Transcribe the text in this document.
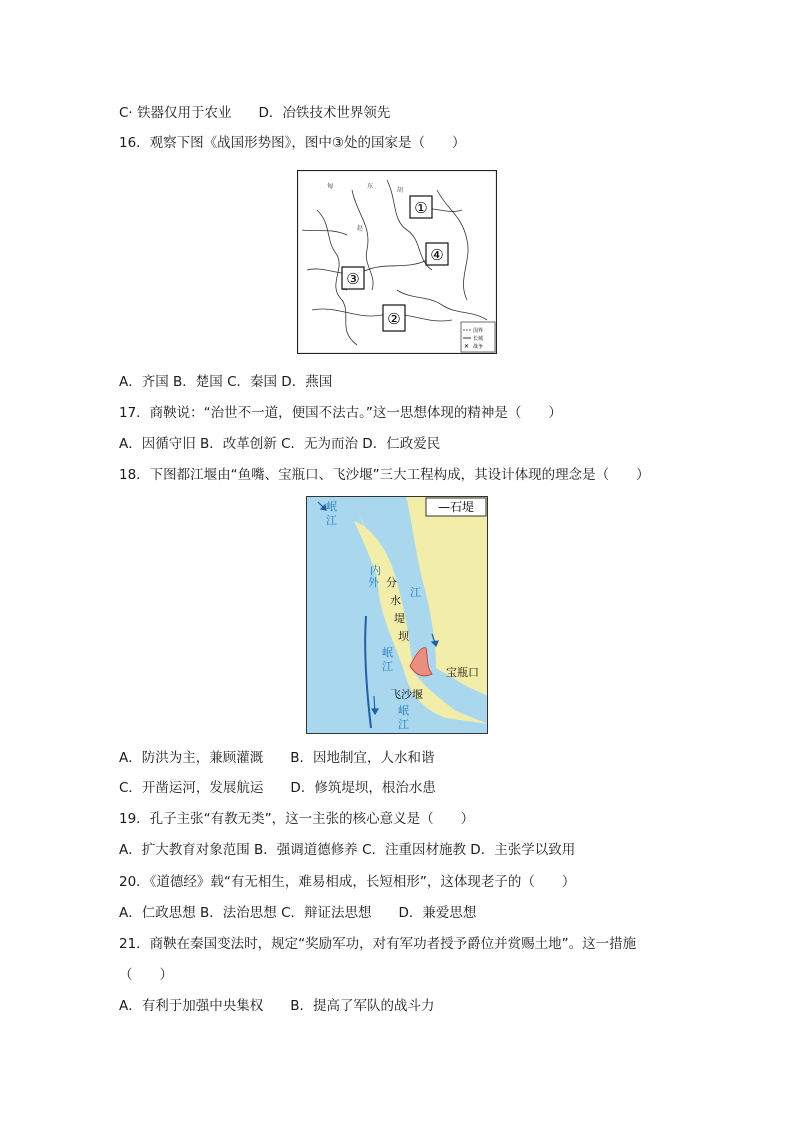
C· 铁器仅用于农业　　D．冶铁技术世界领先
16．观察下图《战国形势图》，图中③处的国家是（　　）
匈	东
胡
赵
①
④
③
②
国界
长城
✕ 战争
A．齐国 B．楚国 C．秦国 D．燕国
17．商鞅说：“治世不一道，便国不法古。”这一思想体现的精神是（　　）
A．因循守旧 B．改革创新 C．无为而治 D．仁政爱民
18．下图都江堰由“鱼嘴、宝瓶口、飞沙堰”三大工程构成，其设计体现的理念是（　　）
—石堤
岷江
内
江
外
岷江
岷江
分水堤坝
宝瓶口
飞沙堰
A．防洪为主，兼顾灌溉　　B．因地制宜，人水和谐
C．开凿运河，发展航运　　D．修筑堤坝，根治水患
19．孔子主张“有教无类”，这一主张的核心意义是（　　）
A．扩大教育对象范围 B．强调道德修养 C．注重因材施教 D．主张学以致用
20．《道德经》载“有无相生，难易相成，长短相形”，这体现老子的（　　）
A．仁政思想 B．法治思想 C．辩证法思想　　D．兼爱思想
21．商鞅在秦国变法时，规定“奖励军功，对有军功者授予爵位并赏赐土地”。这一措施
（　　）
A．有利于加强中央集权　　B．提高了军队的战斗力
